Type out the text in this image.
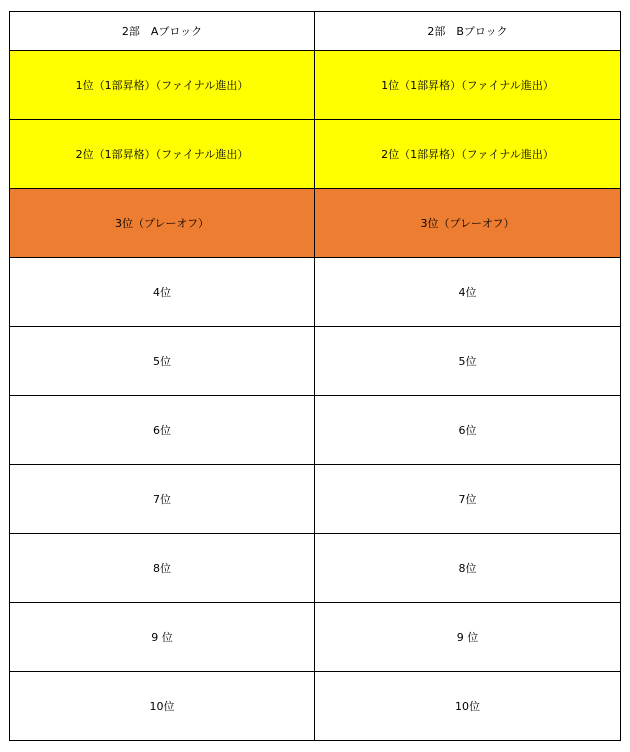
2部　Aブロック	2部　Bブロック
1位（1部昇格）（ファイナル進出）	1位（1部昇格）（ファイナル進出）
2位（1部昇格）（ファイナル進出）	2位（1部昇格）（ファイナル進出）
3位（プレーオフ）	3位（プレーオフ）
4位	4位
5位	5位
6位	6位
7位	7位
8位	8位
9 位	9 位
10位	10位
